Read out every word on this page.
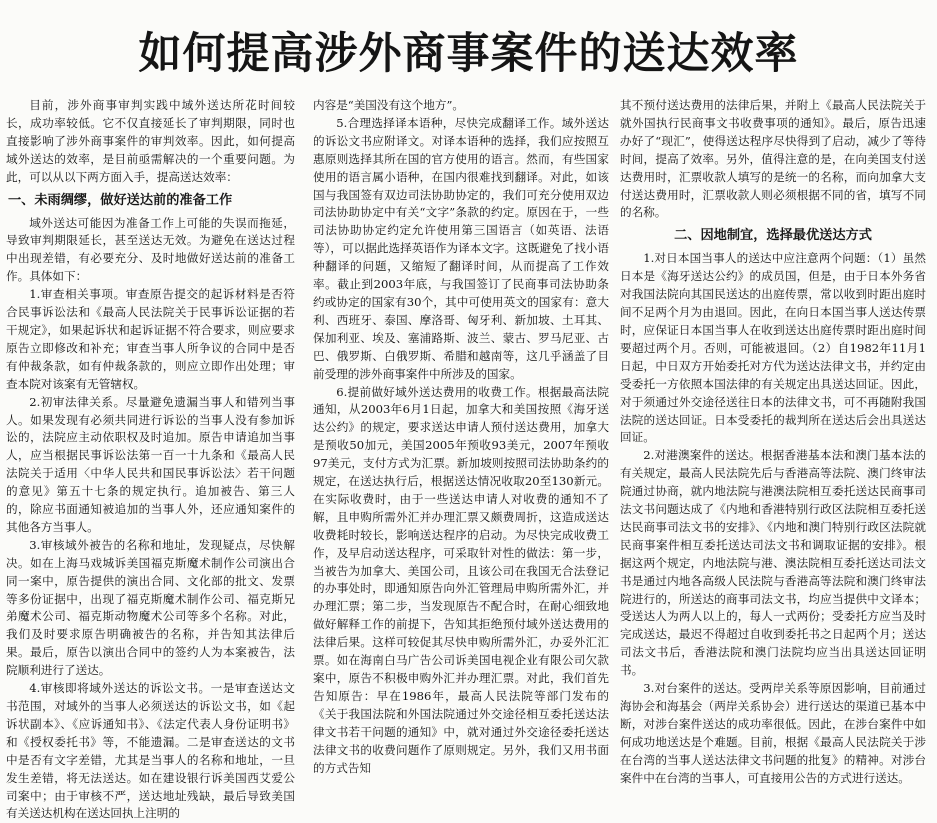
如何提高涉外商事案件的送达效率

目前，涉外商事审判实践中域外送达所花时间较长，成功率较低。它不仅直接延长了审判期限，同时也直接影响了涉外商事案件的审判效率。因此，如何提高域外送达的效率，是目前亟需解决的一个重要问题。为此，可以从以下两方面入手，提高送达效率：

一、未雨绸缪，做好送达前的准备工作

域外送达可能因为准备工作上可能的失误而拖延，导致审判期限延长，甚至送达无效。为避免在送达过程中出现差错，有必要充分、及时地做好送达前的准备工作。具体如下：

1.审查相关事项。审查原告提交的起诉材料是否符合民事诉讼法和《最高人民法院关于民事诉讼证据的若干规定》，如果起诉状和起诉证据不符合要求，则应要求原告立即修改和补充；审查当事人所争议的合同中是否有仲裁条款，如有仲裁条款的，则应立即作出处理；审查本院对该案有无管辖权。

2.初审法律关系。尽量避免遗漏当事人和错列当事人。如果发现有必须共同进行诉讼的当事人没有参加诉讼的，法院应主动依职权及时追加。原告申请追加当事人，应当根据民事诉讼法第一百一十九条和《最高人民法院关于适用〈中华人民共和国民事诉讼法〉若干问题的意见》第五十七条的规定执行。追加被告、第三人的，除应书面通知被追加的当事人外，还应通知案件的其他各方当事人。

3.审核域外被告的名称和地址，发现疑点，尽快解决。如在上海马戏城诉美国福克斯魔术制作公司演出合同一案中，原告提供的演出合同、文化部的批文、发票等多份证据中，出现了福克斯魔术制作公司、福克斯兄弟魔术公司、福克斯动物魔术公司等多个名称。对此，我们及时要求原告明确被告的名称，并告知其法律后果。最后，原告以演出合同中的签约人为本案被告，法院顺利进行了送达。

4.审核即将域外送达的诉讼文书。一是审查送达文书范围，对域外的当事人必须送达的诉讼文书，如《起诉状副本》、《应诉通知书》、《法定代表人身份证明书》和《授权委托书》等，不能遗漏。二是审查送达的文书中是否有文字差错，尤其是当事人的名称和地址，一旦发生差错，将无法送达。如在建设银行诉美国西艾爱公司案中；由于审核不严，送达地址残缺，最后导致美国有关送达机构在送达回执上注明的

内容是“美国没有这个地方”。

5.合理选择译本语种，尽快完成翻译工作。域外送达的诉讼文书应附译文。对译本语种的选择，我们应按照互惠原则选择其所在国的官方使用的语言。然而，有些国家使用的语言属小语种，在国内很难找到翻译。对此，如该国与我国签有双边司法协助协定的，我们可充分使用双边司法协助协定中有关“文字”条款的约定。原因在于，一些司法协助协定约定允许使用第三国语言（如英语、法语等），可以据此选择英语作为译本文字。这既避免了找小语种翻译的问题，又缩短了翻译时间，从而提高了工作效率。截止到2003年底，与我国签订了民商事司法协助条约或协定的国家有30个，其中可使用英文的国家有：意大利、西班牙、泰国、摩洛哥、匈牙利、新加坡、土耳其、保加利亚、埃及、塞浦路斯、波兰、蒙古、罗马尼亚、古巴、俄罗斯、白俄罗斯、希腊和越南等，这几乎涵盖了目前受理的涉外商事案件中所涉及的国家。

6.提前做好域外送达费用的收费工作。根据最高法院通知，从2003年6月1日起，加拿大和美国按照《海牙送达公约》的规定，要求送达申请人预付送达费用，加拿大是预收50加元，美国2005年预收93美元，2007年预收97美元，支付方式为汇票。新加坡则按照司法协助条约的规定，在送达执行后，根据送达情况收取20至130新元。在实际收费时，由于一些送达申请人对收费的通知不了解，且申购所需外汇并办理汇票又颇费周折，这造成送达收费耗时较长，影响送达程序的启动。为尽快完成收费工作，及早启动送达程序，可采取针对性的做法：第一步，当被告为加拿大、美国公司，且该公司在我国无合法登记的办事处时，即通知原告向外汇管理局申购所需外汇，并办理汇票；第二步，当发现原告不配合时，在耐心细致地做好解释工作的前提下，告知其拒绝预付域外送达费用的法律后果。这样可较促其尽快申购所需外汇，办妥外汇汇票。如在海南白马广告公司诉美国电视企业有限公司欠款案中，原告不积极申购外汇并办理汇票。对此，我们首先告知原告：早在1986年，最高人民法院等部门发布的《关于我国法院和外国法院通过外交途径相互委托送达法律文书若干问题的通知》中，就对通过外交途径委托送达法律文书的收费问题作了原则规定。另外，我们又用书面的方式告知

其不预付送达费用的法律后果，并附上《最高人民法院关于就外国执行民商事文书收费事项的通知》。最后，原告迅速办好了“现汇”，使得送达程序尽快得到了启动，减少了等待时间，提高了效率。另外，值得注意的是，在向美国支付送达费用时，汇票收款人填写的是统一的名称，而向加拿大支付送达费用时，汇票收款人则必须根据不同的省，填写不同的名称。

二、因地制宜，选择最优送达方式

1.对日本国当事人的送达中应注意两个问题：（1）虽然日本是《海牙送达公约》的成员国，但是，由于日本外务省对我国法院向其国民送达的出庭传票，常以收到时距出庭时间不足两个月为由退回。因此，在向日本国当事人送达传票时，应保证日本国当事人在收到送达出庭传票时距出庭时间要超过两个月。否则，可能被退回。（2）自1982年11月1日起，中日双方开始委托对方代为送达法律文书，并约定由受委托一方依照本国法律的有关规定出具送达回证。因此，对于须通过外交途径送往日本的法律文书，可不再随附我国法院的送达回证。日本受委托的裁判所在送达后会出具送达回证。

2.对港澳案件的送达。根据香港基本法和澳门基本法的有关规定，最高人民法院先后与香港高等法院、澳门终审法院通过协商，就内地法院与港澳法院相互委托送达民商事司法文书问题达成了《内地和香港特别行政区法院相互委托送达民商事司法文书的安排》、《内地和澳门特别行政区法院就民商事案件相互委托送达司法文书和调取证据的安排》。根据这两个规定，内地法院与港、澳法院相互委托送达司法文书是通过内地各高级人民法院与香港高等法院和澳门终审法院进行的，所送达的商事司法文书，均应当提供中文译本；受送达人为两人以上的，每人一式两份；受委托方应当及时完成送达，最迟不得超过自收到委托书之日起两个月；送达司法文书后，香港法院和澳门法院均应当出具送达回证明书。

3.对台案件的送达。受两岸关系等原因影响，目前通过海协会和海基会（两岸关系协会）进行送达的渠道已基本中断，对涉台案件送达的成功率很低。因此，在涉台案件中如何成功地送达是个难题。目前，根据《最高人民法院关于涉在台湾的当事人送达法律文书问题的批复》的精神。对涉台案件中在台湾的当事人，可直接用公告的方式进行送达。
